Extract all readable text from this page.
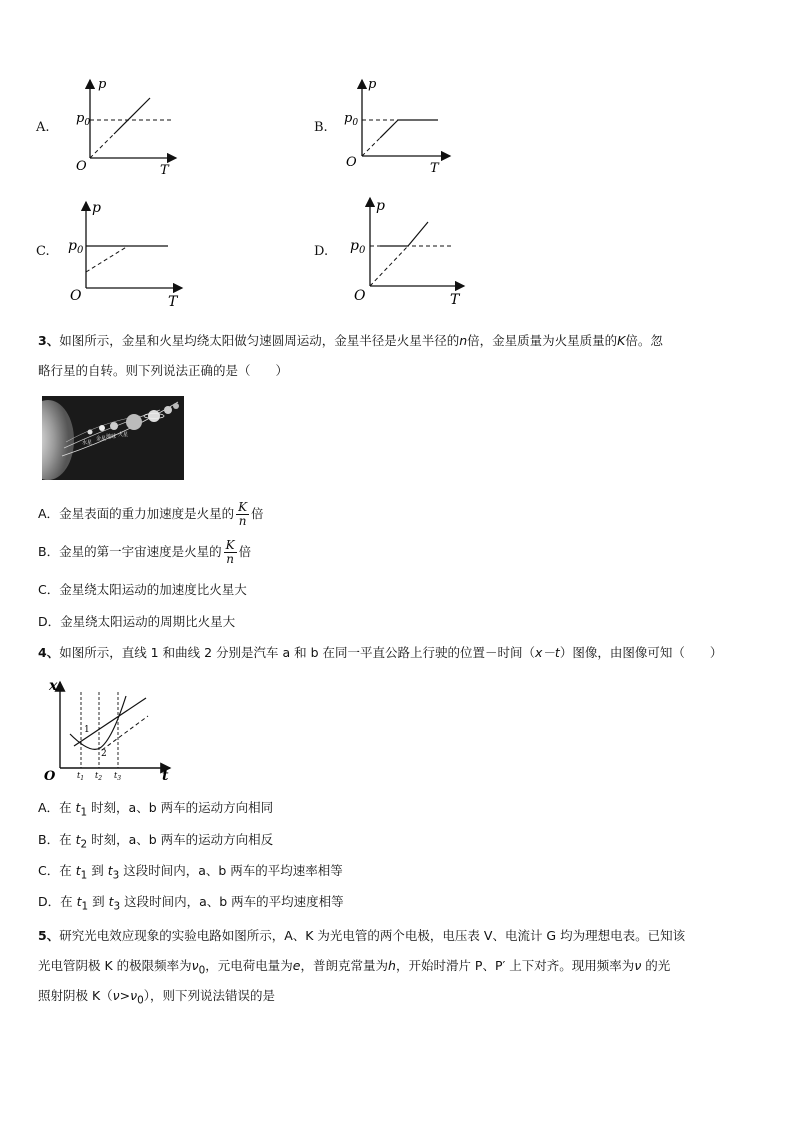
A.
$p_0$
p
O	T
B.
$p_0$
p
O	T
C. $p_0$
p
O	T
D. $p_0$
p
O	T
3、如图所示，金星和火星均绕太阳做匀速圆周运动，金星半径是火星半径的n倍，金星质量为火星质量的K倍。忽
略行星的自转。则下列说法正确的是（　　）
水星
金星 地球 火星
A．金星表面的重力加速度是火星的 $\frac{K}{n}$ 倍
B．金星的第一宇宙速度是火星的 $\frac{K}{n}$ 倍
C．金星绕太阳运动的加速度比火星大
D．金星绕太阳运动的周期比火星大
4、如图所示，直线 1 和曲线 2 分别是汽车 a 和 b 在同一平直公路上行驶的位置－时间（x－t）图像，由图像可知（　　）
x
t
O
1
2
$t_1$ $t_2$ $t_3$
A．在 $t_1$ 时刻，a、b 两车的运动方向相同
B．在 $t_2$ 时刻，a、b 两车的运动方向相反
C．在 $t_1$ 到 $t_3$ 这段时间内，a、b 两车的平均速率相等
D．在 $t_1$ 到 $t_3$ 这段时间内，a、b 两车的平均速度相等
5、研究光电效应现象的实验电路如图所示，A、K 为光电管的两个电极，电压表 V、电流计 G 均为理想电表。已知该
光电管阴极 K 的极限频率为$\nu_0$，元电荷电量为e，普朗克常量为h，开始时滑片 P、P′ 上下对齐。现用频率为ν 的光
照射阴极 $K(\nu>\nu_0)$，则下列说法错误的是
